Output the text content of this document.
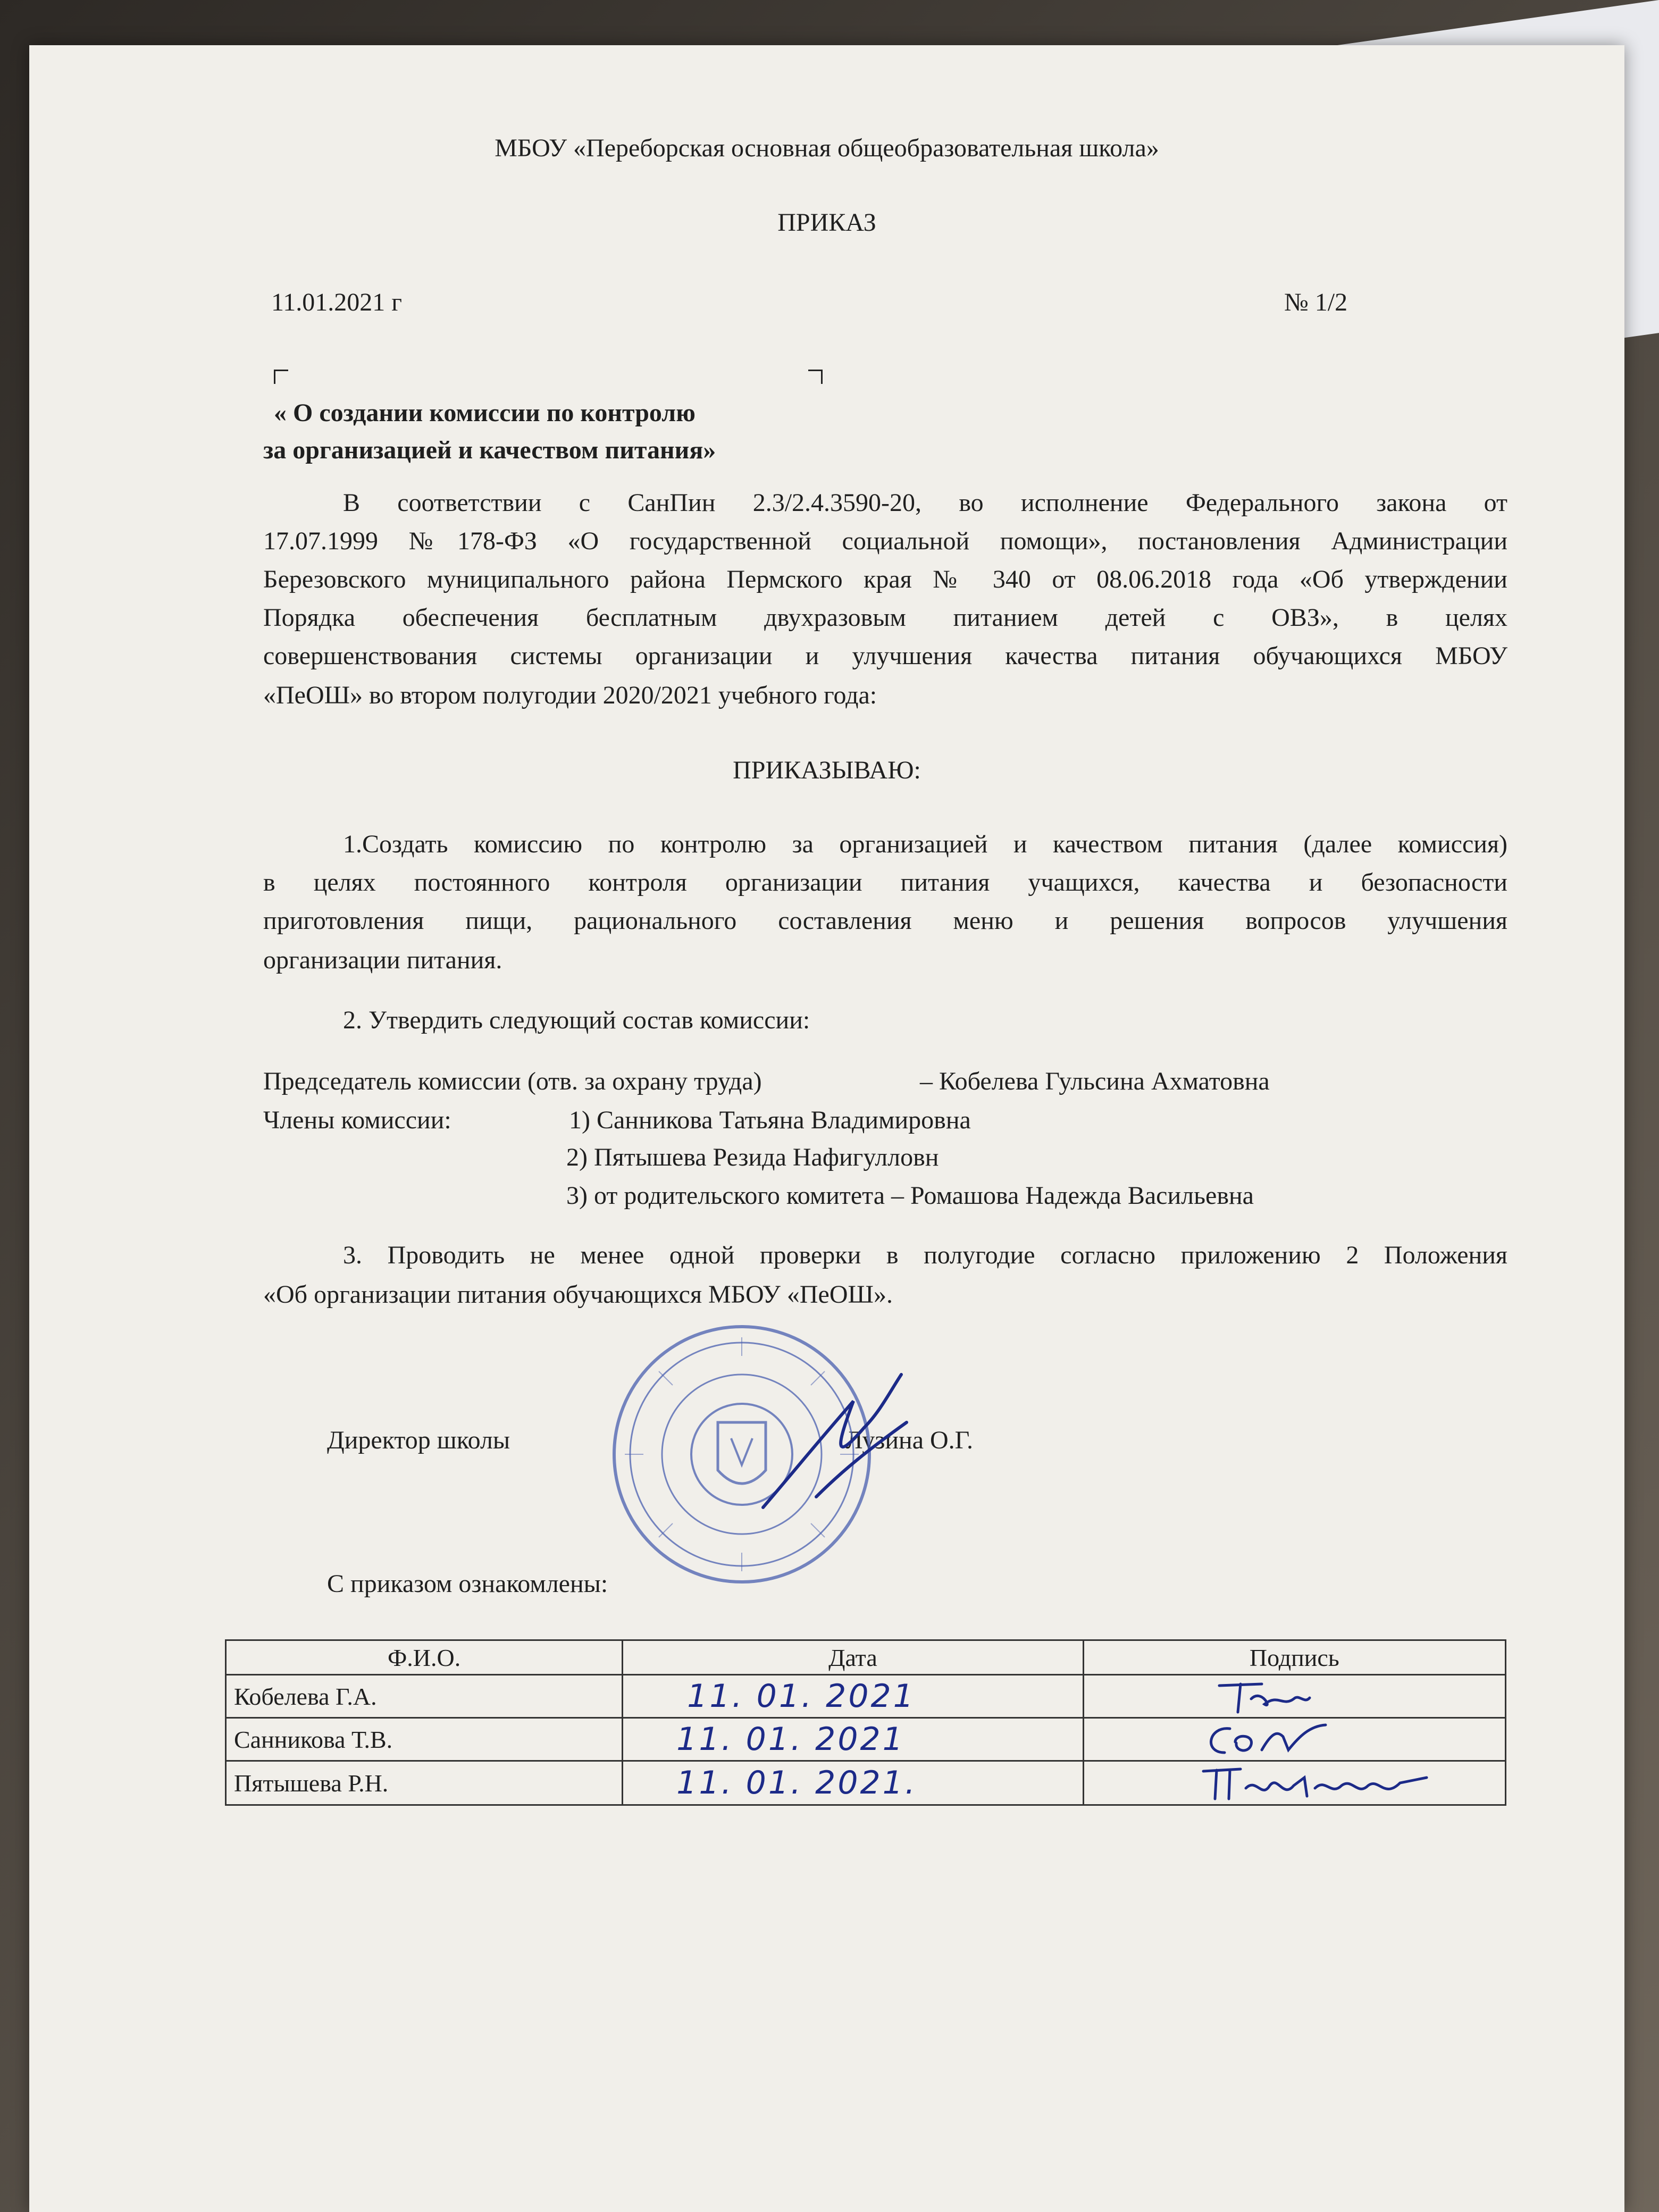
МБОУ «Переборская основная общеобразовательная школа»
ПРИКАЗ
11.01.2021 г	№ 1/2
« О создании комиссии по контролю
за организацией и качеством питания»
В соответствии с СанПин 2.3/2.4.3590-20, во исполнение Федерального закона от
17.07.1999 №178-ФЗ «О государственной социальной помощи», постановления Администрации
Березовского муниципального района Пермского края № 340 от 08.06.2018 года «Об утверждении
Порядка обеспечения бесплатным двухразовым питанием детей с ОВЗ», в целях
совершенствования системы организации и улучшения качества питания обучающихся МБОУ
«ПеОШ» во втором полугодии 2020/2021 учебного года:
ПРИКАЗЫВАЮ:
1.Создать комиссию по контролю за организацией и качеством питания (далее комиссия)
в целях постоянного контроля организации питания учащихся, качества и безопасности
приготовления пищи, рационального составления меню и решения вопросов улучшения
организации питания.
2. Утвердить следующий состав комиссии:
Председатель комиссии (отв. за охрану труда)	– Кобелева Гульсина Ахматовна
Члены комиссии:	1) Санникова Татьяна Владимировна
2) Пятышева Резида Нафигулловн
3) от родительского комитета – Ромашова Надежда Васильевна
3. Проводить не менее одной проверки в полугодие согласно приложению 2 Положения
«Об организации питания обучающихся МБОУ «ПеОШ».
Директор школы	Лузина О.Г.
С приказом ознакомлены:
Ф.И.О.	Дата	Подпись
Кобелева Г.А.	11. 01. 2021	

Санникова Т.В.	11. 01. 2021	

Пятышева Р.Н.	11. 01. 2021.	
